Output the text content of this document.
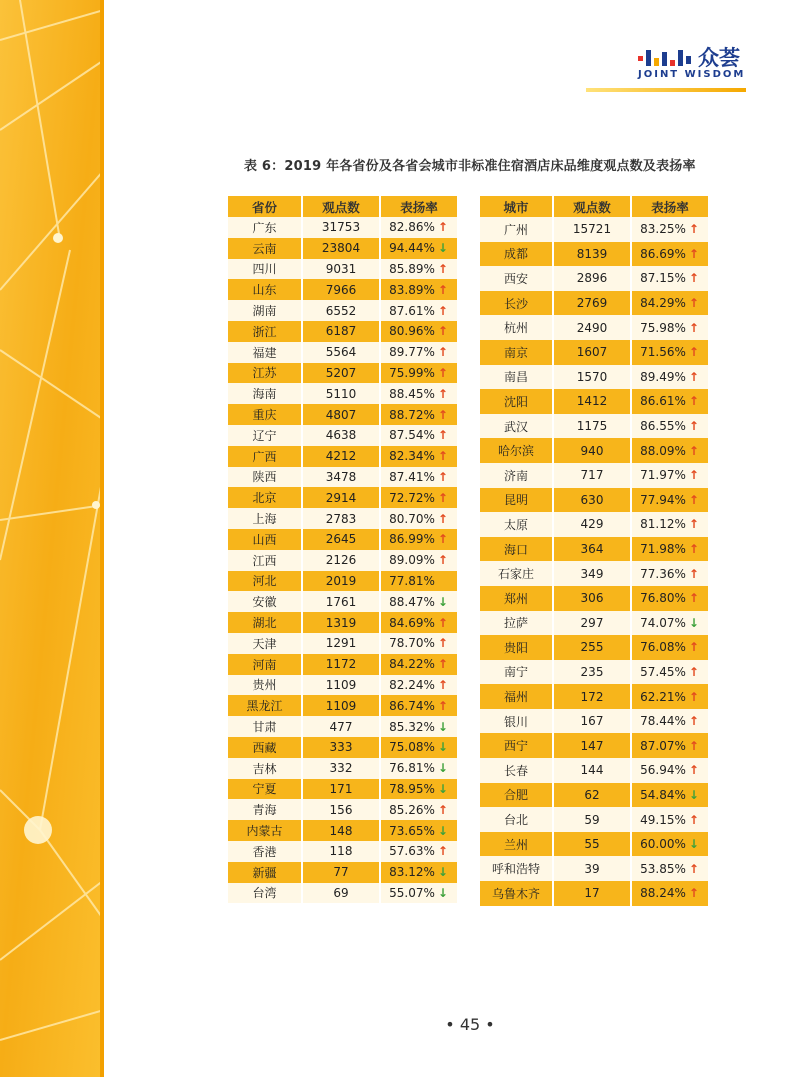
众荟
JOINT WISDOM
表 6：2019 年各省份及各省会城市非标准住宿酒店床品维度观点数及表扬率
省份	观点数	表扬率
广东	31753	82.86% ↑
云南	23804	94.44% ↓
四川	9031	85.89% ↑
山东	7966	83.89% ↑
湖南	6552	87.61% ↑
浙江	6187	80.96% ↑
福建	5564	89.77% ↑
江苏	5207	75.99% ↑
海南	5110	88.45% ↑
重庆	4807	88.72% ↑
辽宁	4638	87.54% ↑
广西	4212	82.34% ↑
陕西	3478	87.41% ↑
北京	2914	72.72% ↑
上海	2783	80.70% ↑
山西	2645	86.99% ↑
江西	2126	89.09% ↑
河北	2019	77.81%
安徽	1761	88.47% ↓
湖北	1319	84.69% ↑
天津	1291	78.70% ↑
河南	1172	84.22% ↑
贵州	1109	82.24% ↑
黑龙江	1109	86.74% ↑
甘肃	477	85.32% ↓
西藏	333	75.08% ↓
吉林	332	76.81% ↓
宁夏	171	78.95% ↓
青海	156	85.26% ↑
内蒙古	148	73.65% ↓
香港	118	57.63% ↑
新疆	77	83.12% ↓
台湾	69	55.07% ↓
城市	观点数	表扬率
广州	15721	83.25% ↑
成都	8139	86.69% ↑
西安	2896	87.15% ↑
长沙	2769	84.29% ↑
杭州	2490	75.98% ↑
南京	1607	71.56% ↑
南昌	1570	89.49% ↑
沈阳	1412	86.61% ↑
武汉	1175	86.55% ↑
哈尔滨	940	88.09% ↑
济南	717	71.97% ↑
昆明	630	77.94% ↑
太原	429	81.12% ↑
海口	364	71.98% ↑
石家庄	349	77.36% ↑
郑州	306	76.80% ↑
拉萨	297	74.07% ↓
贵阳	255	76.08% ↑
南宁	235	57.45% ↑
福州	172	62.21% ↑
银川	167	78.44% ↑
西宁	147	87.07% ↑
长春	144	56.94% ↑
合肥	62	54.84% ↓
台北	59	49.15% ↑
兰州	55	60.00% ↓
呼和浩特	39	53.85% ↑
乌鲁木齐	17	88.24% ↑
• 45 •
